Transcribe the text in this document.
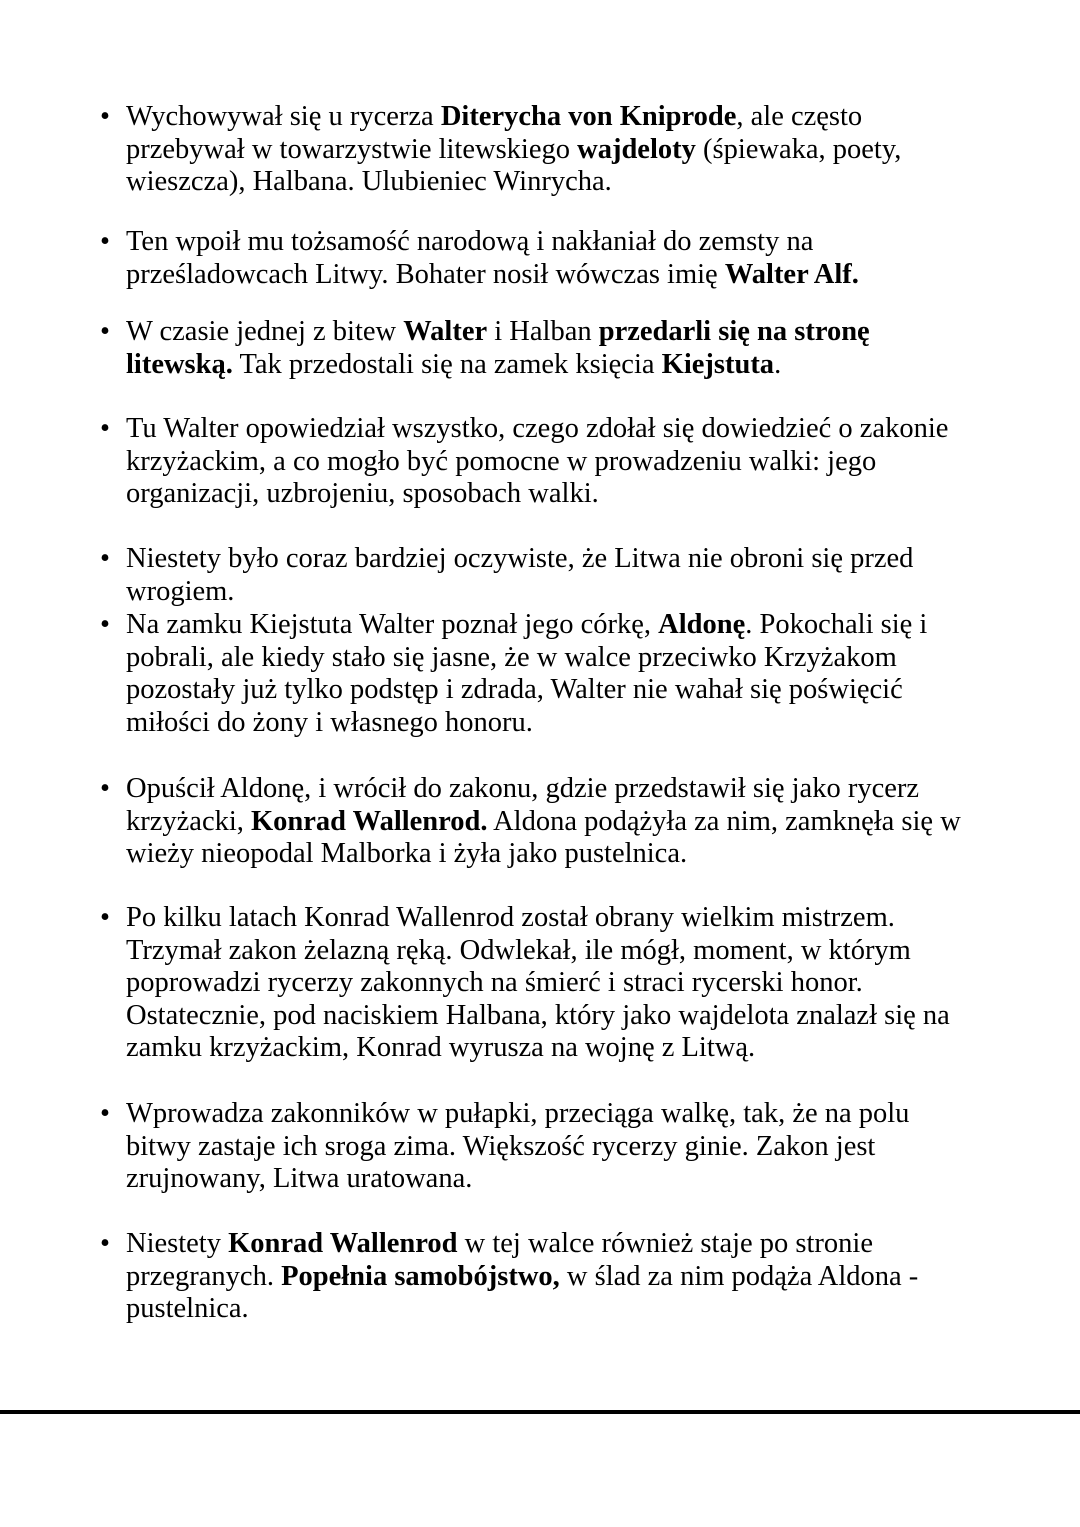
• Wychowywał się u rycerza Diterycha von Kniprode, ale często
przebywał w towarzystwie litewskiego wajdeloty (śpiewaka, poety,
wieszcza), Halbana. Ulubieniec Winrycha.
• Ten wpoił mu tożsamość narodową i nakłaniał do zemsty na
prześladowcach Litwy. Bohater nosił wówczas imię Walter Alf.
• W czasie jednej z bitew Walter i Halban przedarli się na stronę
litewską. Tak przedostali się na zamek księcia Kiejstuta.
• Tu Walter opowiedział wszystko, czego zdołał się dowiedzieć o zakonie
krzyżackim, a co mogło być pomocne w prowadzeniu walki: jego
organizacji, uzbrojeniu, sposobach walki.
• Niestety było coraz bardziej oczywiste, że Litwa nie obroni się przed
wrogiem.
• Na zamku Kiejstuta Walter poznał jego córkę, Aldonę. Pokochali się i
pobrali, ale kiedy stało się jasne, że w walce przeciwko Krzyżakom
pozostały już tylko podstęp i zdrada, Walter nie wahał się poświęcić
miłości do żony i własnego honoru.
• Opuścił Aldonę, i wrócił do zakonu, gdzie przedstawił się jako rycerz
krzyżacki, Konrad Wallenrod. Aldona podążyła za nim, zamknęła się w
wieży nieopodal Malborka i żyła jako pustelnica.
• Po kilku latach Konrad Wallenrod został obrany wielkim mistrzem.
Trzymał zakon żelazną ręką. Odwlekał, ile mógł, moment, w którym
poprowadzi rycerzy zakonnych na śmierć i straci rycerski honor.
Ostatecznie, pod naciskiem Halbana, który jako wajdelota znalazł się na
zamku krzyżackim, Konrad wyrusza na wojnę z Litwą.
• Wprowadza zakonników w pułapki, przeciąga walkę, tak, że na polu
bitwy zastaje ich sroga zima. Większość rycerzy ginie. Zakon jest
zrujnowany, Litwa uratowana.
• Niestety Konrad Wallenrod w tej walce również staje po stronie
przegranych. Popełnia samobójstwo, w ślad za nim podąża Aldona -
pustelnica.
